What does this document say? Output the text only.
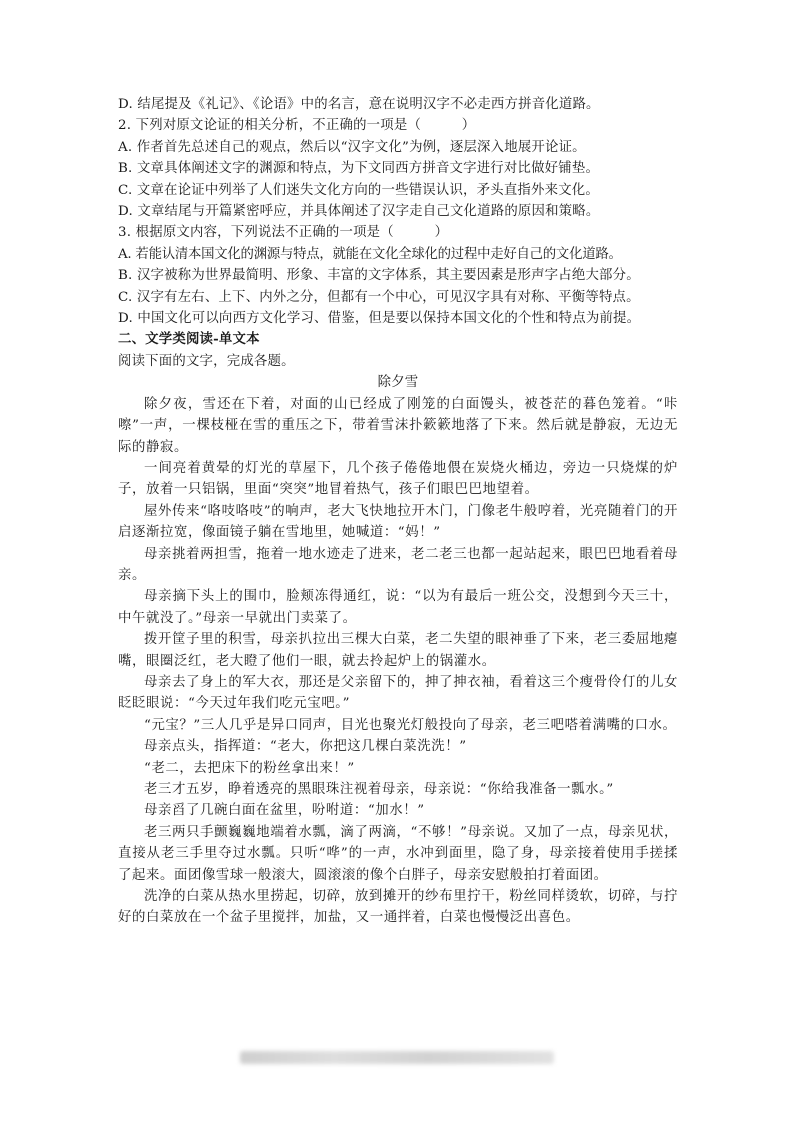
D. 结尾提及《礼记》、《论语》中的名言，意在说明汉字不必走西方拼音化道路。
2. 下列对原文论证的相关分析，不正确的一项是（　　　）
A. 作者首先总述自己的观点，然后以“汉字文化”为例，逐层深入地展开论证。
B. 文章具体阐述文字的渊源和特点，为下文同西方拼音文字进行对比做好铺垫。
C. 文章在论证中列举了人们迷失文化方向的一些错误认识，矛头直指外来文化。
D. 文章结尾与开篇紧密呼应，并具体阐述了汉字走自己文化道路的原因和策略。
3. 根据原文内容，下列说法不正确的一项是（　　　）
A. 若能认清本国文化的渊源与特点，就能在文化全球化的过程中走好自己的文化道路。
B. 汉字被称为世界最简明、形象、丰富的文字体系，其主要因素是形声字占绝大部分。
C. 汉字有左右、上下、内外之分，但都有一个中心，可见汉字具有对称、平衡等特点。
D. 中国文化可以向西方文化学习、借鉴，但是要以保持本国文化的个性和特点为前提。
二、文学类阅读-单文本
阅读下面的文字，完成各题。
除夕雪
除夕夜，雪还在下着，对面的山已经成了刚笼的白面馒头，被苍茫的暮色笼着。“咔嚓”一声，一棵枝桠在雪的重压之下，带着雪沫扑簌簌地落了下来。然后就是静寂，无边无际的静寂。
一间亮着黄晕的灯光的草屋下，几个孩子倦倦地偎在炭烧火桶边，旁边一只烧煤的炉子，放着一只铝锅，里面“突突”地冒着热气，孩子们眼巴巴地望着。
屋外传来“咯吱咯吱”的响声，老大飞快地拉开木门，门像老牛般哼着，光亮随着门的开启逐渐拉宽，像面镜子躺在雪地里，她喊道：“妈！”
母亲挑着两担雪，拖着一地水迹走了进来，老二老三也都一起站起来，眼巴巴地看着母亲。
母亲摘下头上的围巾，脸颊冻得通红，说：“以为有最后一班公交，没想到今天三十，中午就没了。”母亲一早就出门卖菜了。
拨开筐子里的积雪，母亲扒拉出三棵大白菜，老二失望的眼神垂了下来，老三委屈地瘪嘴，眼圈泛红，老大瞪了他们一眼，就去拎起炉上的锅灌水。
母亲去了身上的军大衣，那还是父亲留下的，抻了抻衣袖，看着这三个瘦骨伶仃的儿女眨眨眼说：“今天过年我们吃元宝吧。”
“元宝？”三人几乎是异口同声，目光也聚光灯般投向了母亲，老三吧嗒着满嘴的口水。
母亲点头，指挥道：“老大，你把这几棵白菜洗洗！”
“老二，去把床下的粉丝拿出来！”
老三才五岁，睁着透亮的黑眼珠注视着母亲，母亲说：“你给我准备一瓢水。”
母亲舀了几碗白面在盆里，吩咐道：“加水！”
老三两只手颤巍巍地端着水瓢，滴了两滴，“不够！”母亲说。又加了一点，母亲见状，直接从老三手里夺过水瓢。只听“哗”的一声，水冲到面里，隐了身，母亲接着使用手搓揉了起来。面团像雪球一般滚大，圆滚滚的像个白胖子，母亲安慰般拍打着面团。
洗净的白菜从热水里捞起，切碎，放到摊开的纱布里拧干，粉丝同样烫软，切碎，与拧好的白菜放在一个盆子里搅拌，加盐，又一通拌着，白菜也慢慢泛出喜色。
